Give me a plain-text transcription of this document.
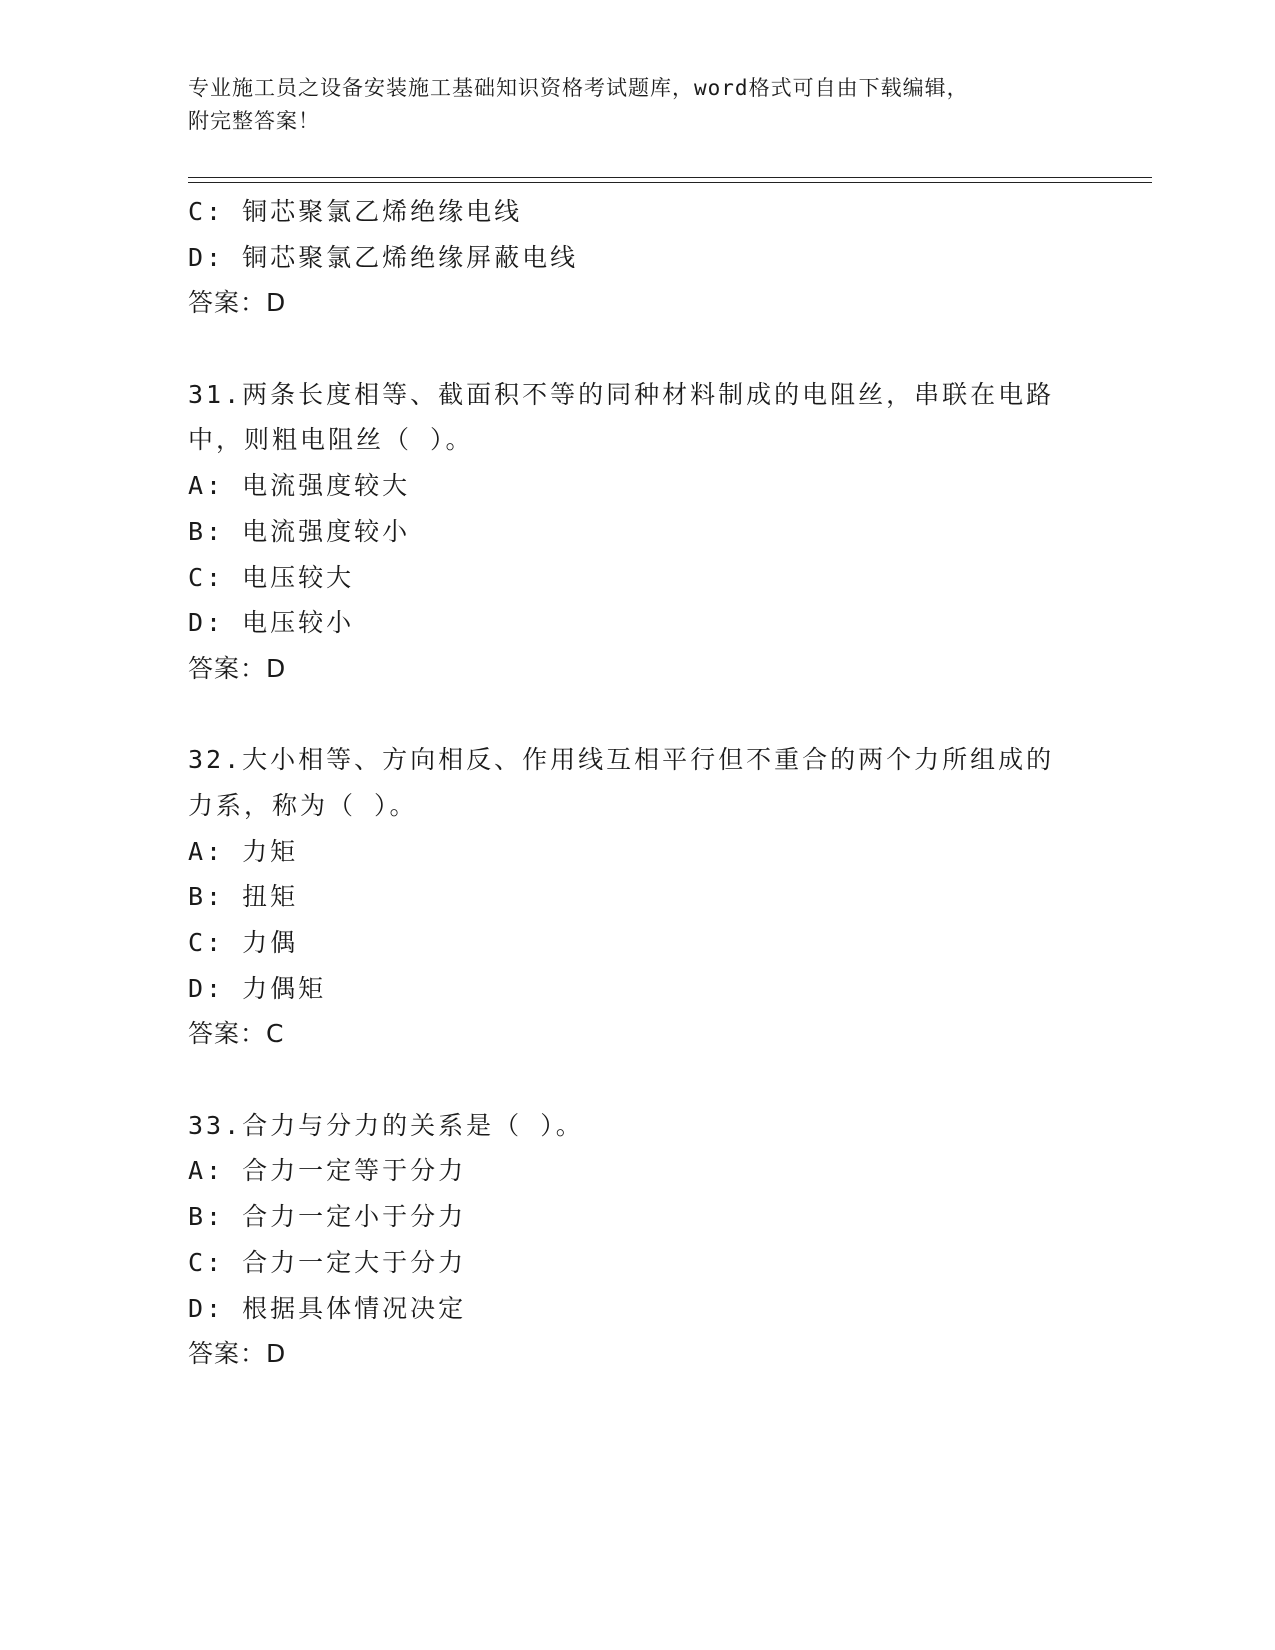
专业施工员之设备安装施工基础知识资格考试题库，word格式可自由下载编辑，
附完整答案！
C: 铜芯聚氯乙烯绝缘电线
D: 铜芯聚氯乙烯绝缘屏蔽电线
答案：D
31.两条长度相等、截面积不等的同种材料制成的电阻丝，串联在电路
中，则粗电阻丝（ ）。
A: 电流强度较大
B: 电流强度较小
C: 电压较大
D: 电压较小
答案：D
32.大小相等、方向相反、作用线互相平行但不重合的两个力所组成的
力系，称为（ ）。
A: 力矩
B: 扭矩
C: 力偶
D: 力偶矩
答案：C
33.合力与分力的关系是（ ）。
A: 合力一定等于分力
B: 合力一定小于分力
C: 合力一定大于分力
D: 根据具体情况决定
答案：D
